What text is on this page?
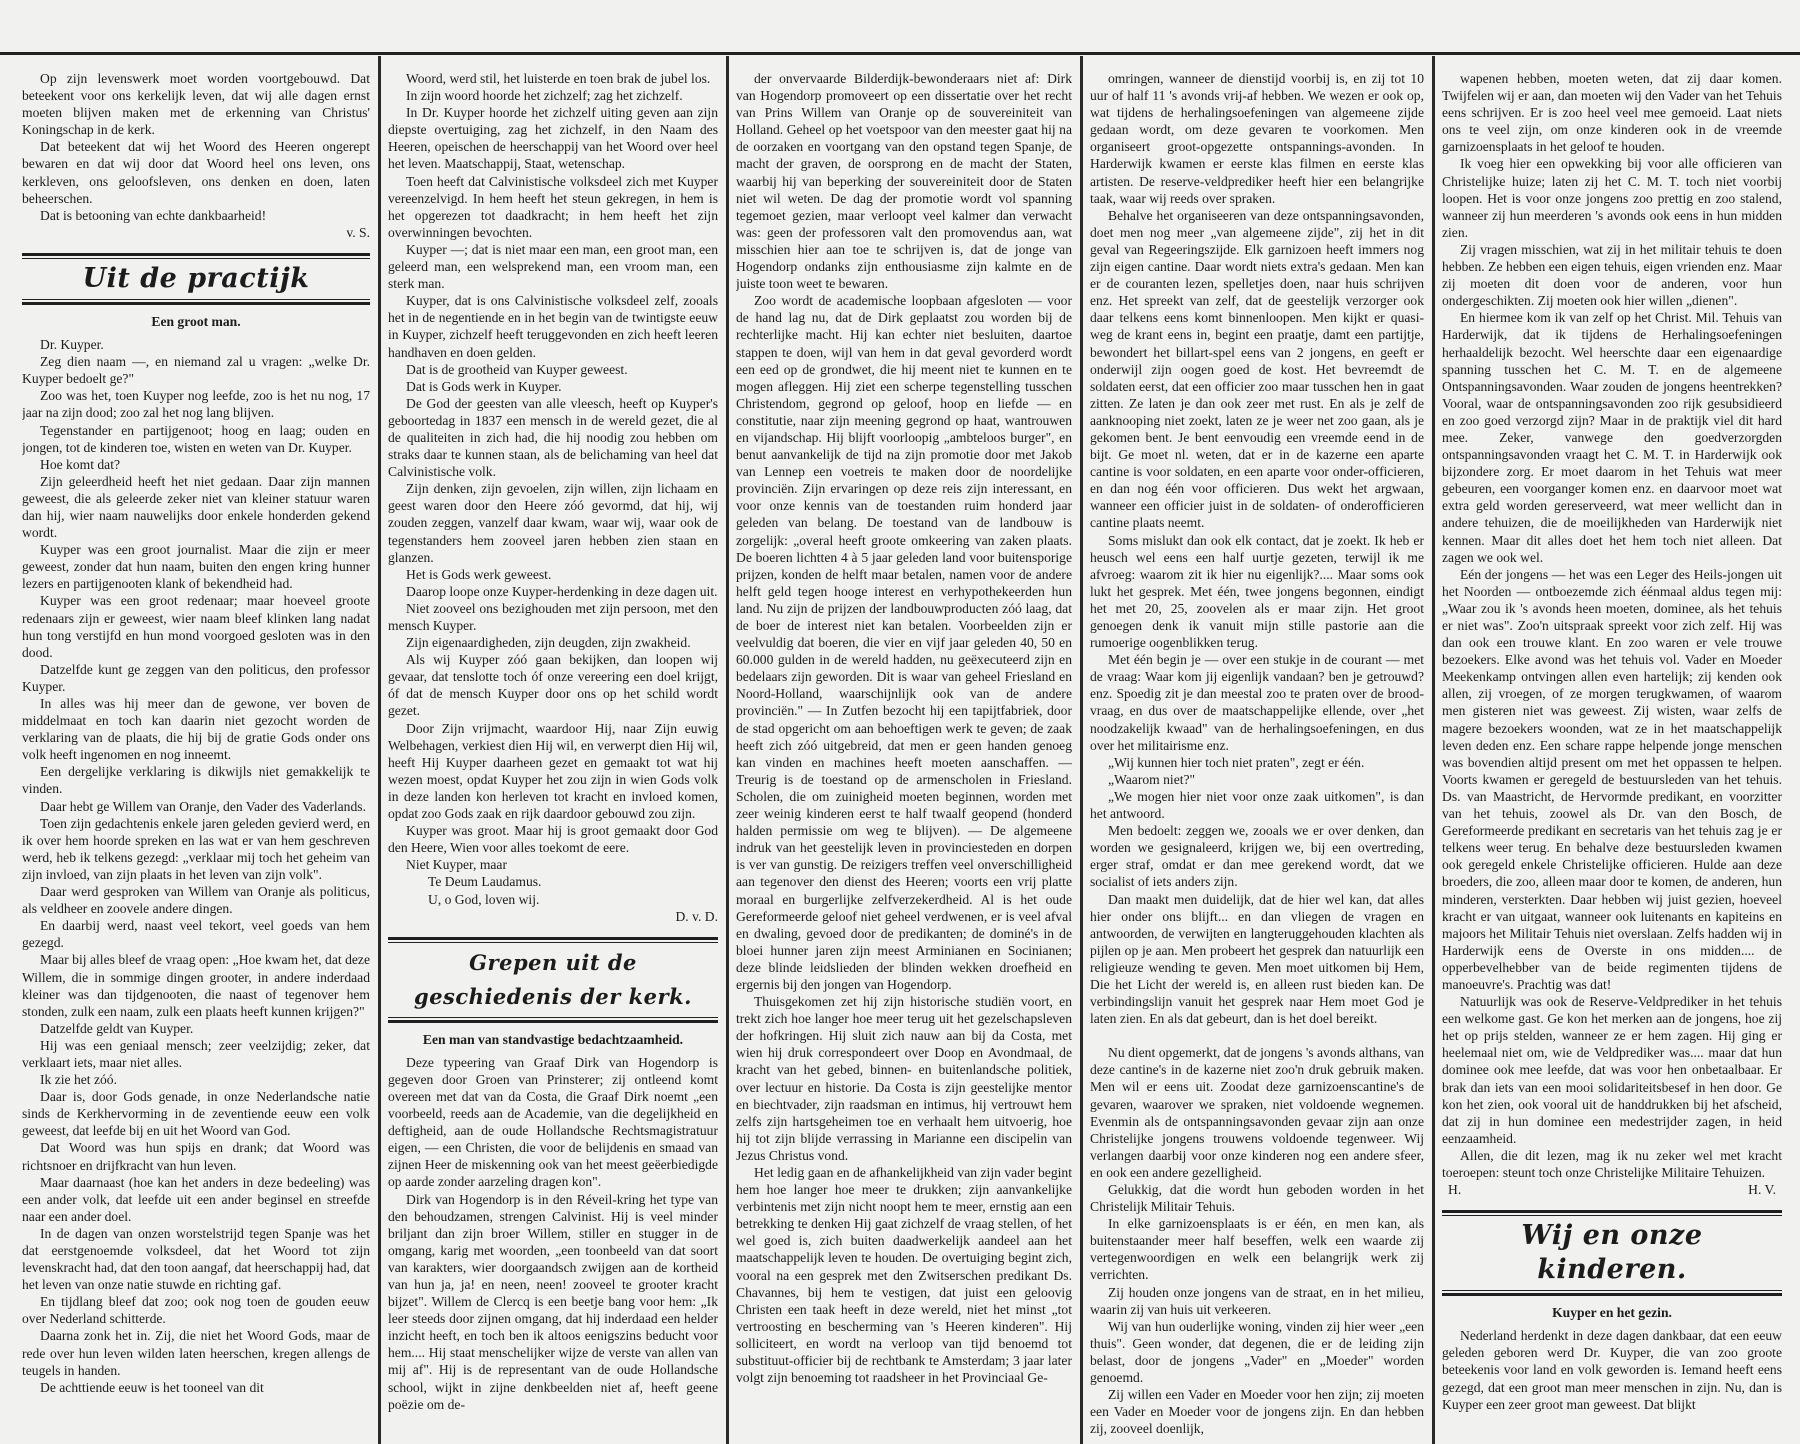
Op zijn levenswerk moet worden voortgebouwd. Dat beteekent voor ons kerkelijk leven, dat wij alle dagen ernst moeten blijven maken met de erkenning van Christus' Koningschap in de kerk.

Dat beteekent dat wij het Woord des Heeren ongerept bewaren en dat wij door dat Woord heel ons leven, ons kerkleven, ons geloofsleven, ons denken en doen, laten beheerschen.

Dat is betooning van echte dankbaarheid!

v. S.
Uit de practijk
Een groot man.

Dr. Kuyper.

Zeg dien naam —, en niemand zal u vragen: „welke Dr. Kuyper bedoelt ge?"

Zoo was het, toen Kuyper nog leefde, zoo is het nu nog, 17 jaar na zijn dood; zoo zal het nog lang blijven.

Tegenstander en partijgenoot; hoog en laag; ouden en jongen, tot de kinderen toe, wisten en weten van Dr. Kuyper.

Hoe komt dat?

Zijn geleerdheid heeft het niet gedaan. Daar zijn mannen geweest, die als geleerde zeker niet van kleiner statuur waren dan hij, wier naam nauwelijks door enkele honderden gekend wordt.

Kuyper was een groot journalist. Maar die zijn er meer geweest, zonder dat hun naam, buiten den engen kring hunner lezers en partijgenooten klank of bekendheid had.

Kuyper was een groot redenaar; maar hoeveel groote redenaars zijn er geweest, wier naam bleef klinken lang nadat hun tong verstijfd en hun mond voorgoed gesloten was in den dood.

Datzelfde kunt ge zeggen van den politicus, den professor Kuyper.

In alles was hij meer dan de gewone, ver boven de middelmaat en toch kan daarin niet gezocht worden de verklaring van de plaats, die hij bij de gratie Gods onder ons volk heeft ingenomen en nog inneemt.

Een dergelijke verklaring is dikwijls niet gemakkelijk te vinden.

Daar hebt ge Willem van Oranje, den Vader des Vaderlands.

Toen zijn gedachtenis enkele jaren geleden gevierd werd, en ik over hem hoorde spreken en las wat er van hem geschreven werd, heb ik telkens gezegd: „verklaar mij toch het geheim van zijn invloed, van zijn plaats in het leven van zijn volk".

Daar werd gesproken van Willem van Oranje als politicus, als veldheer en zoovele andere dingen.

En daarbij werd, naast veel tekort, veel goeds van hem gezegd.

Maar bij alles bleef de vraag open: „Hoe kwam het, dat deze Willem, die in sommige dingen grooter, in andere inderdaad kleiner was dan tijdgenooten, die naast of tegenover hem stonden, zulk een naam, zulk een plaats heeft kunnen krijgen?"

Datzelfde geldt van Kuyper.

Hij was een geniaal mensch; zeer veelzijdig; zeker, dat verklaart iets, maar niet alles.

Ik zie het zóó.

Daar is, door Gods genade, in onze Nederlandsche natie sinds de Kerkhervorming in de zeventiende eeuw een volk geweest, dat leefde bij en uit het Woord van God.

Dat Woord was hun spijs en drank; dat Woord was richtsnoer en drijfkracht van hun leven.

Maar daarnaast (hoe kan het anders in deze bedeeling) was een ander volk, dat leefde uit een ander beginsel en streefde naar een ander doel.

In de dagen van onzen worstelstrijd tegen Spanje was het dat eerstgenoemde volksdeel, dat het Woord tot zijn levenskracht had, dat den toon aangaf, dat heerschappij had, dat het leven van onze natie stuwde en richting gaf.

En tijdlang bleef dat zoo; ook nog toen de gouden eeuw over Nederland schitterde.

Daarna zonk het in. Zij, die niet het Woord Gods, maar de rede over hun leven wilden laten heerschen, kregen allengs de teugels in handen.

De achttiende eeuw is het tooneel van dit

Woord, werd stil, het luisterde en toen brak de jubel los.

In zijn woord hoorde het zichzelf; zag het zichzelf.

In Dr. Kuyper hoorde het zichzelf uiting geven aan zijn diepste overtuiging, zag het zichzelf, in den Naam des Heeren, opeischen de heerschappij van het Woord over heel het leven. Maatschappij, Staat, wetenschap.

Toen heeft dat Calvinistische volksdeel zich met Kuyper vereenzelvigd. In hem heeft het steun gekregen, in hem is het opgerezen tot daadkracht; in hem heeft het zijn overwinningen bevochten.

Kuyper —; dat is niet maar een man, een groot man, een geleerd man, een welsprekend man, een vroom man, een sterk man.

Kuyper, dat is ons Calvinistische volksdeel zelf, zooals het in de negentiende en in het begin van de twintigste eeuw in Kuyper, zichzelf heeft teruggevonden en zich heeft leeren handhaven en doen gelden.

Dat is de grootheid van Kuyper geweest.

Dat is Gods werk in Kuyper.

De God der geesten van alle vleesch, heeft op Kuyper's geboortedag in 1837 een mensch in de wereld gezet, die al de qualiteiten in zich had, die hij noodig zou hebben om straks daar te kunnen staan, als de belichaming van heel dat Calvinistische volk.

Zijn denken, zijn gevoelen, zijn willen, zijn lichaam en geest waren door den Heere zóó gevormd, dat hij, wij zouden zeggen, vanzelf daar kwam, waar wij, waar ook de tegenstanders hem zooveel jaren hebben zien staan en glanzen.

Het is Gods werk geweest.

Daarop loope onze Kuyper-herdenking in deze dagen uit.

Niet zooveel ons bezighouden met zijn persoon, met den mensch Kuyper.

Zijn eigenaardigheden, zijn deugden, zijn zwakheid.

Als wij Kuyper zóó gaan bekijken, dan loopen wij gevaar, dat tenslotte toch óf onze vereering een doel krijgt, óf dat de mensch Kuyper door ons op het schild wordt gezet.

Door Zijn vrijmacht, waardoor Hij, naar Zijn euwig Welbehagen, verkiest dien Hij wil, en verwerpt dien Hij wil, heeft Hij Kuyper daarheen gezet en gemaakt tot wat hij wezen moest, opdat Kuyper het zou zijn in wien Gods volk in deze landen kon herleven tot kracht en invloed komen, opdat zoo Gods zaak en rijk daardoor gebouwd zou zijn.

Kuyper was groot. Maar hij is groot gemaakt door God den Heere, Wien voor alles toekomt de eere.

Niet Kuyper, maar

Te Deum Laudamus.

U, o God, loven wij.

D. v. D.
Grepen uit de geschiedenis der kerk.
Een man van standvastige bedachtzaamheid.

Deze typeering van Graaf Dirk van Hogendorp is gegeven door Groen van Prinsterer; zij ontleend komt overeen met dat van da Costa, die Graaf Dirk noemt „een voorbeeld, reeds aan de Academie, van die degelijkheid en deftigheid, aan de oude Hollandsche Rechtsmagistratuur eigen, — een Christen, die voor de belijdenis en smaad van zijnen Heer de miskenning ook van het meest geëerbiedigde op aarde zonder aarzeling dragen kon".

Dirk van Hogendorp is in den Réveil-kring het type van den behoudzamen, strengen Calvinist. Hij is veel minder briljant dan zijn broer Willem, stiller en stugger in de omgang, karig met woorden, „een toonbeeld van dat soort van karakters, wier doorgaandsch zwijgen aan de kortheid van hun ja, ja! en neen, neen! zooveel te grooter kracht bijzet". Willem de Clercq is een beetje bang voor hem: „Ik leer steeds door zijnen omgang, dat hij inderdaad een helder inzicht heeft, en toch ben ik altoos eenigszins beducht voor hem.... Hij staat menschelijker wijze de verste van allen van mij af". Hij is de representant van de oude Hollandsche school, wijkt in zijne denkbeelden niet af, heeft geene poëzie om de-

der onvervaarde Bilderdijk-bewonderaars niet af: Dirk van Hogendorp promoveert op een dissertatie over het recht van Prins Willem van Oranje op de souvereiniteit van Holland. Geheel op het voetspoor van den meester gaat hij na de oorzaken en voortgang van den opstand tegen Spanje, de macht der graven, de oorsprong en de macht der Staten, waarbij hij van beperking der souvereiniteit door de Staten niet wil weten. De dag der promotie wordt vol spanning tegemoet gezien, maar verloopt veel kalmer dan verwacht was: geen der professoren valt den promovendus aan, wat misschien hier aan toe te schrijven is, dat de jonge van Hogendorp ondanks zijn enthousiasme zijn kalmte en de juiste toon weet te bewaren.

Zoo wordt de academische loopbaan afgesloten — voor de hand lag nu, dat de Dirk geplaatst zou worden bij de rechterlijke macht. Hij kan echter niet besluiten, daartoe stappen te doen, wijl van hem in dat geval gevorderd wordt een eed op de grondwet, die hij meent niet te kunnen en te mogen afleggen. Hij ziet een scherpe tegenstelling tusschen Christendom, gegrond op geloof, hoop en liefde — en constitutie, naar zijn meening gegrond op haat, wantrouwen en vijandschap. Hij blijft voorloopig „ambteloos burger", en benut aanvankelijk de tijd na zijn promotie door met Jakob van Lennep een voetreis te maken door de noordelijke provinciën. Zijn ervaringen op deze reis zijn interessant, en voor onze kennis van de toestanden ruim honderd jaar geleden van belang. De toestand van de landbouw is zorgelijk: „overal heeft groote omkeering van zaken plaats. De boeren lichtten 4 à 5 jaar geleden land voor buitensporige prijzen, konden de helft maar betalen, namen voor de andere helft geld tegen hooge interest en verhypothekeerden hun land. Nu zijn de prijzen der landbouwproducten zóó laag, dat de boer de interest niet kan betalen. Voorbeelden zijn er veelvuldig dat boeren, die vier en vijf jaar geleden 40, 50 en 60.000 gulden in de wereld hadden, nu geëxecuteerd zijn en bedelaars zijn geworden. Dit is waar van geheel Friesland en Noord-Holland, waarschijnlijk ook van de andere provinciën." — In Zutfen bezocht hij een tapijtfabriek, door de stad opgericht om aan behoeftigen werk te geven; de zaak heeft zich zóó uitgebreid, dat men er geen handen genoeg kan vinden en machines heeft moeten aanschaffen. — Treurig is de toestand op de armenscholen in Friesland. Scholen, die om zuinigheid moeten beginnen, worden met zeer weinig kinderen eerst te half twaalf geopend (honderd halden permissie om weg te blijven). — De algemeene indruk van het geestelijk leven in provinciesteden en dorpen is ver van gunstig. De reizigers treffen veel onverschilligheid aan tegenover den dienst des Heeren; voorts een vrij platte moraal en burgerlijke zelfverzekerdheid. Al is het oude Gereformeerde geloof niet geheel verdwenen, er is veel afval en dwaling, gevoed door de predikanten; de dominé's in de bloei hunner jaren zijn meest Arminianen en Socinianen; deze blinde leidslieden der blinden wekken droefheid en ergernis bij den jongen van Hogendorp.

Thuisgekomen zet hij zijn historische studiën voort, en trekt zich hoe langer hoe meer terug uit het gezelschapsleven der hofkringen. Hij sluit zich nauw aan bij da Costa, met wien hij druk correspondeert over Doop en Avondmaal, de kracht van het gebed, binnen- en buitenlandsche politiek, over lectuur en historie. Da Costa is zijn geestelijke mentor en biechtvader, zijn raadsman en intimus, hij vertrouwt hem zelfs zijn hartsgeheimen toe en verhaalt hem uitvoerig, hoe hij tot zijn blijde verrassing in Marianne een discipelin van Jezus Christus vond.

Het ledig gaan en de afhankelijkheid van zijn vader begint hem hoe langer hoe meer te drukken; zijn aanvankelijke verbintenis met zijn nicht noopt hem te meer, ernstig aan een betrekking te denken Hij gaat zichzelf de vraag stellen, of het wel goed is, zich buiten daadwerkelijk aandeel aan het maatschappelijk leven te houden. De overtuiging begint zich, vooral na een gesprek met den Zwitserschen predikant Ds. Chavannes, bij hem te vestigen, dat juist een geloovig Christen een taak heeft in deze wereld, niet het minst „tot vertroosting en bescherming van 's Heeren kinderen". Hij solliciteert, en wordt na verloop van tijd benoemd tot substituut-officier bij de rechtbank te Amsterdam; 3 jaar later volgt zijn benoeming tot raadsheer in het Provinciaal Ge-

omringen, wanneer de dienstijd voorbij is, en zij tot 10 uur of half 11 's avonds vrij-af hebben. We wezen er ook op, wat tijdens de herhalingsoefeningen van algemeene zijde gedaan wordt, om deze gevaren te voorkomen. Men organiseert groot-opgezette ontspannings-avonden. In Harderwijk kwamen er eerste klas filmen en eerste klas artisten. De reserve-veldprediker heeft hier een belangrijke taak, waar wij reeds over spraken.

Behalve het organiseeren van deze ontspanningsavonden, doet men nog meer „van algemeene zijde", zij het in dit geval van Regeeringszijde. Elk garnizoen heeft immers nog zijn eigen cantine. Daar wordt niets extra's gedaan. Men kan er de couranten lezen, spelletjes doen, naar huis schrijven enz. Het spreekt van zelf, dat de geestelijk verzorger ook daar telkens eens komt binnenloopen. Men kijkt er quasi-weg de krant eens in, begint een praatje, damt een partijtje, bewondert het billart-spel eens van 2 jongens, en geeft er onderwijl zijn oogen goed de kost. Het bevreemdt de soldaten eerst, dat een officier zoo maar tusschen hen in gaat zitten. Ze laten je dan ook zeer met rust. En als je zelf de aanknooping niet zoekt, laten ze je weer net zoo gaan, als je gekomen bent. Je bent eenvoudig een vreemde eend in de bijt. Ge moet nl. weten, dat er in de kazerne een aparte cantine is voor soldaten, en een aparte voor onder-officieren, en dan nog één voor officieren. Dus wekt het argwaan, wanneer een officier juist in de soldaten- of onderofficieren cantine plaats neemt.

Soms mislukt dan ook elk contact, dat je zoekt. Ik heb er heusch wel eens een half uurtje gezeten, terwijl ik me afvroeg: waarom zit ik hier nu eigenlijk?.... Maar soms ook lukt het gesprek. Met één, twee jongens begonnen, eindigt het met 20, 25, zoovelen als er maar zijn. Het groot genoegen denk ik vanuit mijn stille pastorie aan die rumoerige oogenblikken terug.

Met één begin je — over een stukje in de courant — met de vraag: Waar kom jij eigenlijk vandaan? ben je getrouwd? enz. Spoedig zit je dan meestal zoo te praten over de brood-vraag, en dus over de maatschappelijke ellende, over „het noodzakelijk kwaad" van de herhalingsoefeningen, en dus over het militairisme enz.

„Wij kunnen hier toch niet praten", zegt er één.

„Waarom niet?"

„We mogen hier niet voor onze zaak uitkomen", is dan het antwoord.

Men bedoelt: zeggen we, zooals we er over denken, dan worden we gesignaleerd, krijgen we, bij een overtreding, erger straf, omdat er dan mee gerekend wordt, dat we socialist of iets anders zijn.

Dan maakt men duidelijk, dat de hier wel kan, dat alles hier onder ons blijft... en dan vliegen de vragen en antwoorden, de verwijten en langteruggehouden klachten als pijlen op je aan. Men probeert het gesprek dan natuurlijk een religieuze wending te geven. Men moet uitkomen bij Hem, Die het Licht der wereld is, en alleen rust bieden kan. De verbindingslijn vanuit het gesprek naar Hem moet God je laten zien. En als dat gebeurt, dan is het doel bereikt.

Nu dient opgemerkt, dat de jongens 's avonds althans, van deze cantine's in de kazerne niet zoo'n druk gebruik maken. Men wil er eens uit. Zoodat deze garnizoenscantine's de gevaren, waarover we spraken, niet voldoende wegnemen. Evenmin als de ontspanningsavonden gevaar zijn aan onze Christelijke jongens trouwens voldoende tegenweer. Wij verlangen daarbij voor onze kinderen nog een andere sfeer, en ook een andere gezelligheid.

Gelukkig, dat die wordt hun geboden worden in het Christelijk Militair Tehuis.

In elke garnizoensplaats is er één, en men kan, als buitenstaander meer half beseffen, welk een waarde zij vertegenwoordigen en welk een belangrijk werk zij verrichten.

Zij houden onze jongens van de straat, en in het milieu, waarin zij van huis uit verkeeren.

Wij van hun ouderlijke woning, vinden zij hier weer „een thuis". Geen wonder, dat degenen, die er de leiding zijn belast, door de jongens „Vader" en „Moeder" worden genoemd.

Zij willen een Vader en Moeder voor hen zijn; zij moeten een Vader en Moeder voor de jongens zijn. En dan hebben zij, zooveel doenlijk,

wapenen hebben, moeten weten, dat zij daar komen. Twijfelen wij er aan, dan moeten wij den Vader van het Tehuis eens schrijven. Er is zoo heel veel mee gemoeid. Laat niets ons te veel zijn, om onze kinderen ook in de vreemde garnizoensplaats in het geloof te houden.

Ik voeg hier een opwekking bij voor alle officieren van Christelijke huize; laten zij het C. M. T. toch niet voorbij loopen. Het is voor onze jongens zoo prettig en zoo stalend, wanneer zij hun meerderen 's avonds ook eens in hun midden zien.

Zij vragen misschien, wat zij in het militair tehuis te doen hebben. Ze hebben een eigen tehuis, eigen vrienden enz. Maar zij moeten dit doen voor de anderen, voor hun ondergeschikten. Zij moeten ook hier willen „dienen".

En hiermee kom ik van zelf op het Christ. Mil. Tehuis van Harderwijk, dat ik tijdens de Herhalingsoefeningen herhaaldelijk bezocht. Wel heerschte daar een eigenaardige spanning tusschen het C. M. T. en de algemeene Ontspanningsavonden. Waar zouden de jongens heentrekken? Vooral, waar de ontspanningsavonden zoo rijk gesubsidieerd en zoo goed verzorgd zijn? Maar in de praktijk viel dit hard mee. Zeker, vanwege den goedverzorgden ontspanningsavonden vraagt het C. M. T. in Harderwijk ook bijzondere zorg. Er moet daarom in het Tehuis wat meer gebeuren, een voorganger komen enz. en daarvoor moet wat extra geld worden gereserveerd, wat meer wellicht dan in andere tehuizen, die de moeilijkheden van Harderwijk niet kennen. Maar dit alles doet het hem toch niet alleen. Dat zagen we ook wel.

Eén der jongens — het was een Leger des Heils-jongen uit het Noorden — ontboezemde zich éénmaal aldus tegen mij: „Waar zou ik 's avonds heen moeten, dominee, als het tehuis er niet was". Zoo'n uitspraak spreekt voor zich zelf. Hij was dan ook een trouwe klant. En zoo waren er vele trouwe bezoekers. Elke avond was het tehuis vol. Vader en Moeder Meekenkamp ontvingen allen even hartelijk; zij kenden ook allen, zij vroegen, of ze morgen terugkwamen, of waarom men gisteren niet was geweest. Zij wisten, waar zelfs de magere bezoekers woonden, wat ze in het maatschappelijk leven deden enz. Een schare rappe helpende jonge menschen was bovendien altijd present om met het oppassen te helpen. Voorts kwamen er geregeld de bestuursleden van het tehuis. Ds. van Maastricht, de Hervormde predikant, en voorzitter van het tehuis, zoowel als Dr. van den Bosch, de Gereformeerde predikant en secretaris van het tehuis zag je er telkens weer terug. En behalve deze bestuursleden kwamen ook geregeld enkele Christelijke officieren. Hulde aan deze broeders, die zoo, alleen maar door te komen, de anderen, hun minderen, versterkten. Daar hebben wij juist gezien, hoeveel kracht er van uitgaat, wanneer ook luitenants en kapiteins en majoors het Militair Tehuis niet overslaan. Zelfs hadden wij in Harderwijk eens de Overste in ons midden.... de opperbevelhebber van de beide regimenten tijdens de manoeuvre's. Prachtig was dat!

Natuurlijk was ook de Reserve-Veldprediker in het tehuis een welkome gast. Ge kon het merken aan de jongens, hoe zij het op prijs stelden, wanneer ze er hem zagen. Hij ging er heelemaal niet om, wie de Veldprediker was.... maar dat hun dominee ook mee leefde, dat was voor hen onbetaalbaar. Er brak dan iets van een mooi solidariteitsbesef in hen door. Ge kon het zien, ook vooral uit de handdrukken bij het afscheid, dat zij in hun dominee een medestrijder zagen, in heid eenzaamheid.

Allen, die dit lezen, mag ik nu zeker wel met kracht toeroepen: steunt toch onze Christelijke Militaire Tehuizen.

H.	H. V.
Wij en onze kinderen.
Kuyper en het gezin.

Nederland herdenkt in deze dagen dankbaar, dat een eeuw geleden geboren werd Dr. Kuyper, die van zoo groote beteekenis voor land en volk geworden is. Iemand heeft eens gezegd, dat een groot man meer menschen in zijn. Nu, dan is Kuyper een zeer groot man geweest. Dat blijkt
